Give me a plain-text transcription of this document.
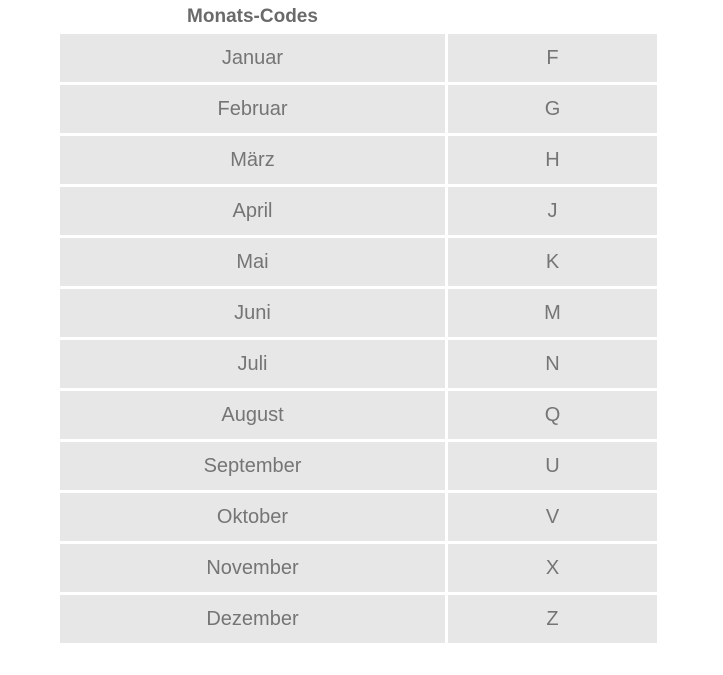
Monats-Codes
Januar	F
Februar	G
März	H
April	J
Mai	K
Juni	M
Juli	N
August	Q
September	U
Oktober	V
November	X
Dezember	Z
